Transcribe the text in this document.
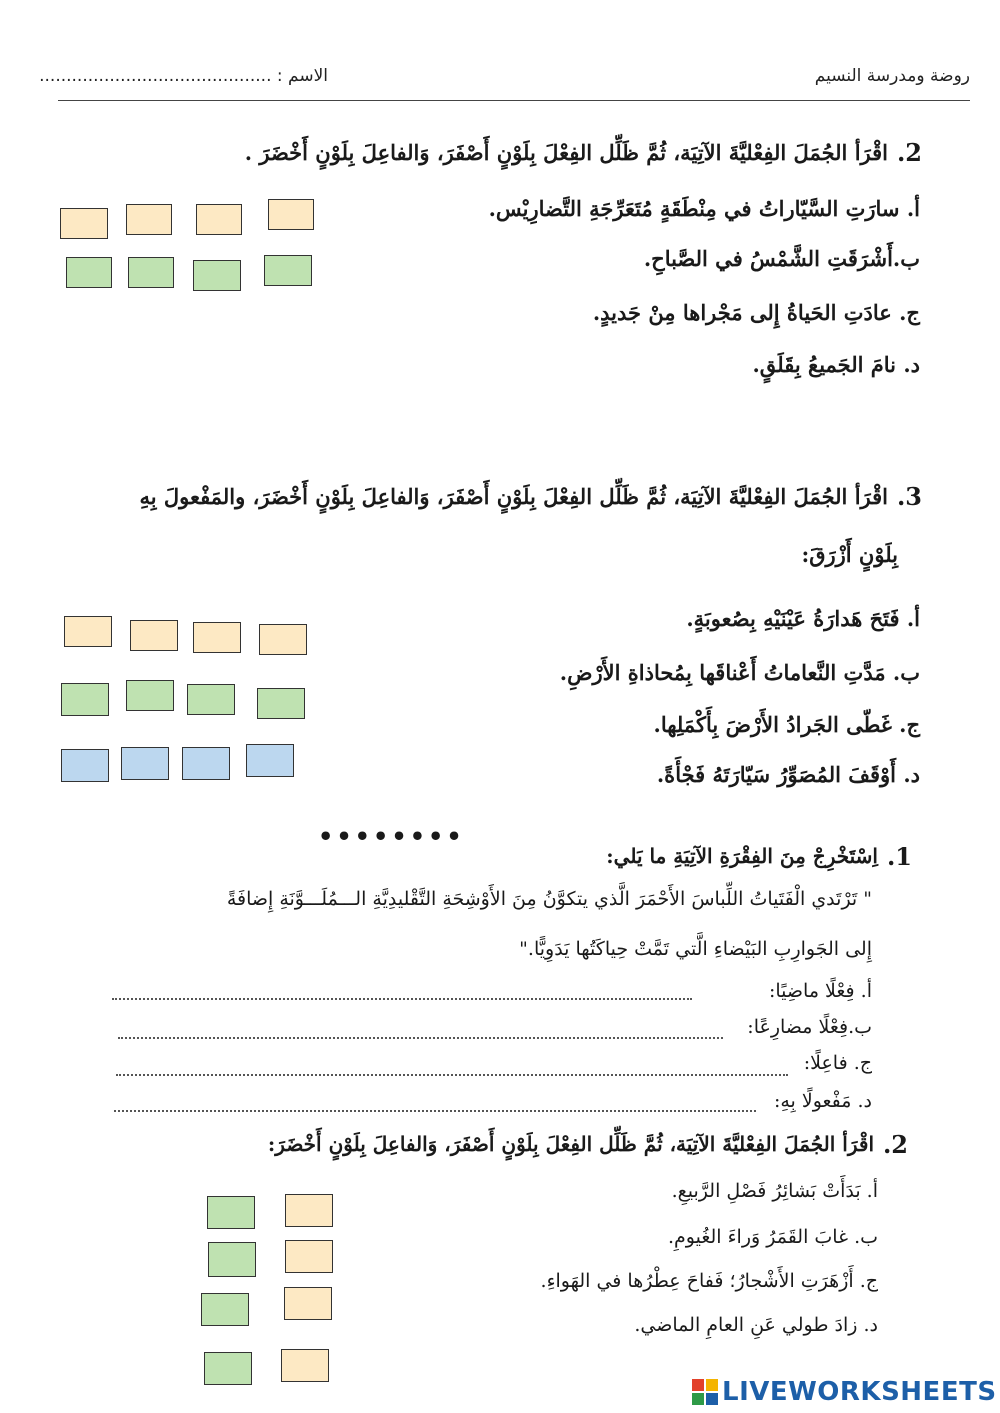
روضة ومدرسة النسيم
الاسم : ...........................................
2.
اقْرَأ الجُمَلَ الفِعْليَّةَ الآتِيَة، ثُمَّ ظَلِّل الفِعْلَ بِلَوْنٍ أَصْفَرَ، وَالفاعِلَ بِلَوْنٍ أَخْضَرَ .
أ. سارَتِ السَّيّاراتُ في مِنْطَقَةٍ مُتَعَرِّجَةِ التَّضارِيْس.
ب.أَشْرَقَتِ الشَّمْسُ في الصَّباحِ.
ج. عادَتِ الحَياةُ إِلى مَجْراها مِنْ جَديدٍ.
د. نامَ الجَميعُ بِقَلَقٍ.
3.
اقْرَأ الجُمَلَ الفِعْليَّةَ الآتِيَة، ثُمَّ ظَلِّل الفِعْلَ بِلَوْنٍ أَصْفَرَ، وَالفاعِلَ بِلَوْنٍ أَخْضَرَ، والمَفْعولَ بِهِ
بِلَوْنٍ أَزْرَقَ:
أ. فَتَحَ هَدارَةُ عَيْنَيْهِ بِصُعوبَةٍ.
ب. مَدَّتِ النَّعاماتُ أَعْناقَها بِمُحاذاةِ الأَرْضِ.
ج. غَطّى الجَرادُ الأَرْضَ بِأَكْمَلِها.
د. أَوْقَفَ المُصَوِّرُ سَيّارَتَهُ فَجْأَةً.
••••••••
1.
اِسْتَخْرِجْ مِنَ الفِقْرَةِ الآتِيَةِ ما يَلي:
" تَرْتَدي الْفَتَياتُ اللِّباسَ الأَحْمَرَ الَّذي يتكوَّنُ مِنَ الأَوْشِحَةِ التَّقْليدِيَّةِ الـــمُلَـــوَّنَةِ إِضافَةً
إِلى الجَوارِبِ البَيْضاءِ الَّتي تَمَّتْ حِياكَتُها يَدَوِيًّا."
أ. فِعْلًا ماضِيًا:
ب.فِعْلًا مضارِعًا:
ج. فاعِلًا:
د. مَفْعولًا بِهِ:
2.
اقْرَأ الجُمَلَ الفِعْليَّةَ الآتِيَة، ثُمَّ ظَلِّل الفِعْلَ بِلَوْنٍ أَصْفَرَ، وَالفاعِلَ بِلَوْنٍ أَخْضَرَ:
أ. بَدَأَتْ بَشائِرُ فَصْلِ الرَّبيعِ.
ب. غابَ القَمَرُ وَراءَ الغُيومِ.
ج. أَزْهَرَتِ الأَشْجارُ؛ فَفاحَ عِطْرُها في الهَواءِ.
د. زادَ طولي عَنِ العامِ الماضي.
LIVEWORKSHEETS
